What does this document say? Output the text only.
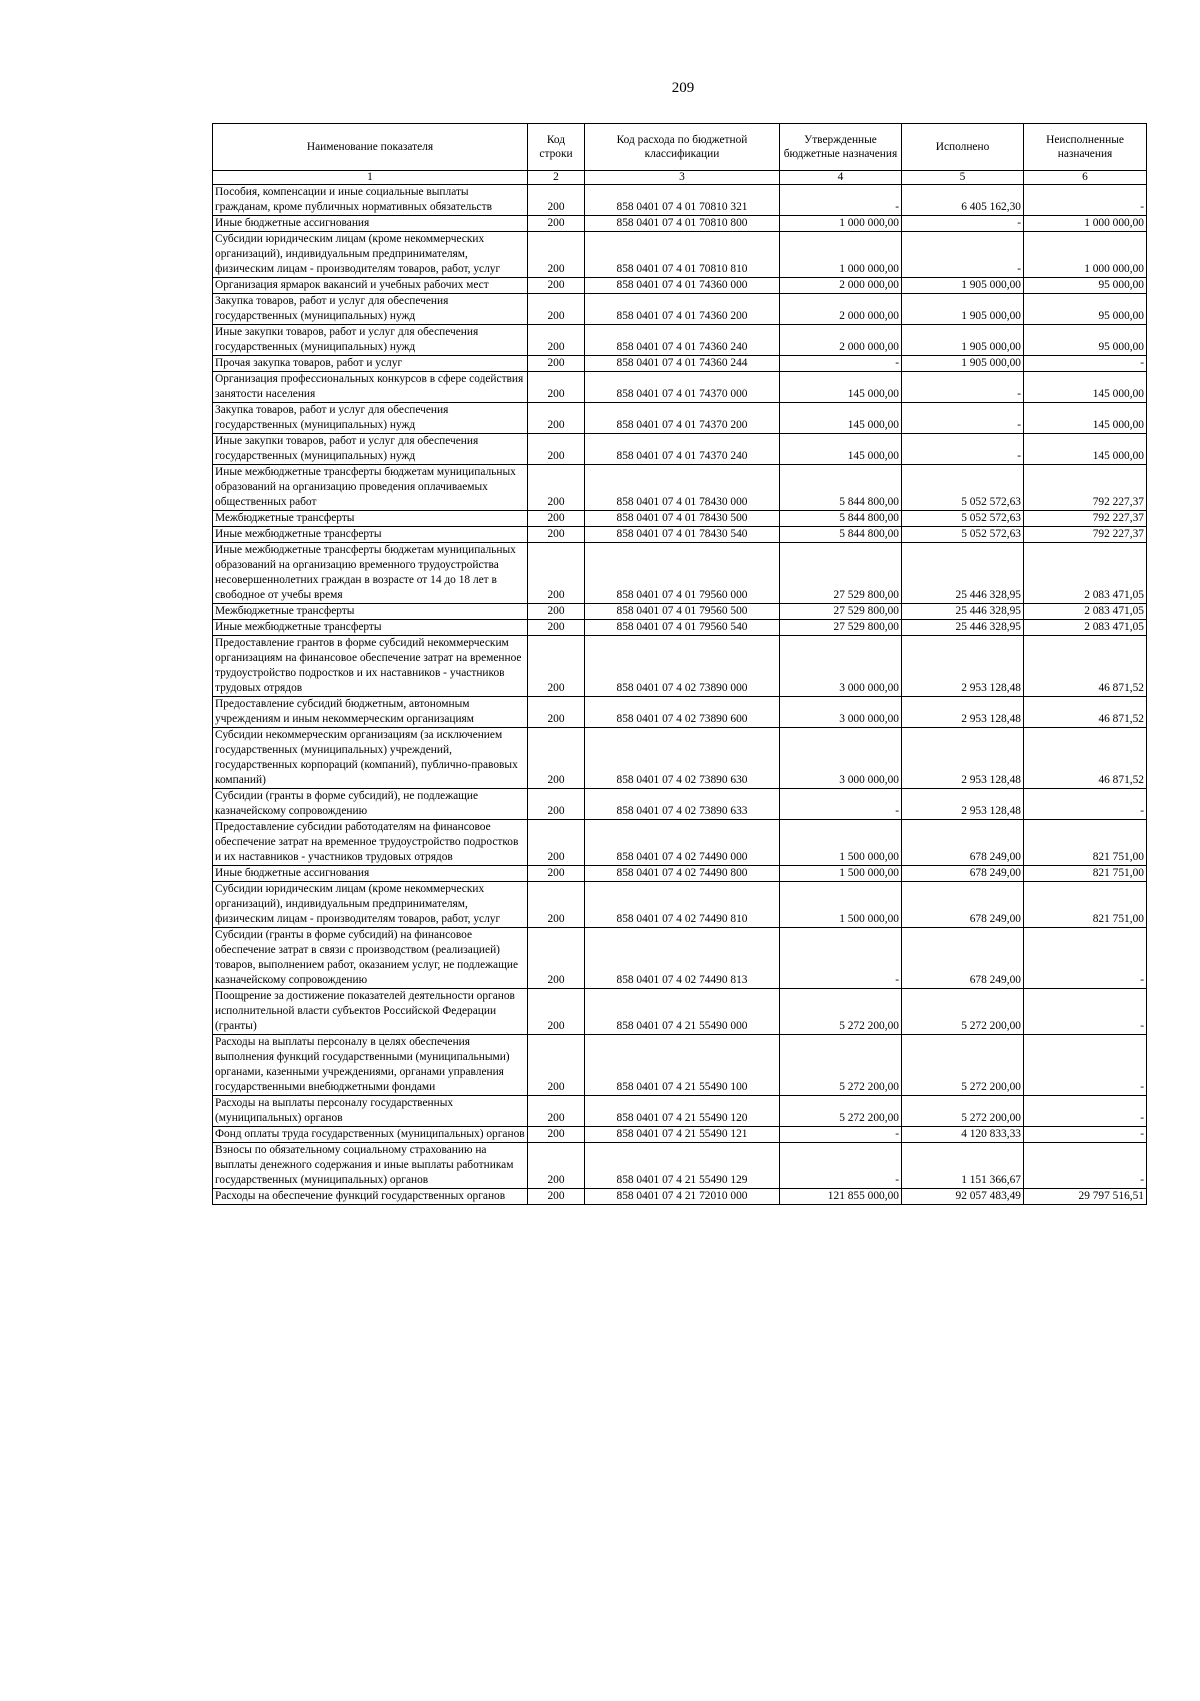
209
Наименование показателя	Код строки	Код расхода по бюджетной классификации	Утвержденные бюджетные назначения	Исполнено	Неисполненные назначения
1	2	3	4	5	6
Пособия, компенсации и иные социальные выплаты гражданам, кроме публичных нормативных обязательств	200	858 0401 07 4 01 70810 321	-	6 405 162,30	-
Иные бюджетные ассигнования	200	858 0401 07 4 01 70810 800	1 000 000,00	-	1 000 000,00
Субсидии юридическим лицам (кроме некоммерческих организаций), индивидуальным предпринимателям, физическим лицам - производителям товаров, работ, услуг	200	858 0401 07 4 01 70810 810	1 000 000,00	-	1 000 000,00
Организация ярмарок вакансий и учебных рабочих мест	200	858 0401 07 4 01 74360 000	2 000 000,00	1 905 000,00	95 000,00
Закупка товаров, работ и услуг для обеспечения государственных (муниципальных) нужд	200	858 0401 07 4 01 74360 200	2 000 000,00	1 905 000,00	95 000,00
Иные закупки товаров, работ и услуг для обеспечения государственных (муниципальных) нужд	200	858 0401 07 4 01 74360 240	2 000 000,00	1 905 000,00	95 000,00
Прочая закупка товаров, работ и услуг	200	858 0401 07 4 01 74360 244	-	1 905 000,00	-
Организация профессиональных конкурсов в сфере содействия занятости населения	200	858 0401 07 4 01 74370 000	145 000,00	-	145 000,00
Закупка товаров, работ и услуг для обеспечения государственных (муниципальных) нужд	200	858 0401 07 4 01 74370 200	145 000,00	-	145 000,00
Иные закупки товаров, работ и услуг для обеспечения государственных (муниципальных) нужд	200	858 0401 07 4 01 74370 240	145 000,00	-	145 000,00
Иные межбюджетные трансферты бюджетам муниципальных образований на организацию проведения оплачиваемых общественных работ	200	858 0401 07 4 01 78430 000	5 844 800,00	5 052 572,63	792 227,37
Межбюджетные трансферты	200	858 0401 07 4 01 78430 500	5 844 800,00	5 052 572,63	792 227,37
Иные межбюджетные трансферты	200	858 0401 07 4 01 78430 540	5 844 800,00	5 052 572,63	792 227,37
Иные межбюджетные трансферты бюджетам муниципальных образований на организацию временного трудоустройства несовершеннолетних граждан в возрасте от 14 до 18 лет в свободное от учебы время	200	858 0401 07 4 01 79560 000	27 529 800,00	25 446 328,95	2 083 471,05
Межбюджетные трансферты	200	858 0401 07 4 01 79560 500	27 529 800,00	25 446 328,95	2 083 471,05
Иные межбюджетные трансферты	200	858 0401 07 4 01 79560 540	27 529 800,00	25 446 328,95	2 083 471,05
Предоставление грантов в форме субсидий некоммерческим организациям на финансовое обеспечение затрат на временное трудоустройство подростков и их наставников - участников трудовых отрядов	200	858 0401 07 4 02 73890 000	3 000 000,00	2 953 128,48	46 871,52
Предоставление субсидий бюджетным, автономным учреждениям и иным некоммерческим организациям	200	858 0401 07 4 02 73890 600	3 000 000,00	2 953 128,48	46 871,52
Субсидии некоммерческим организациям (за исключением государственных (муниципальных) учреждений, государственных корпораций (компаний), публично-правовых компаний)	200	858 0401 07 4 02 73890 630	3 000 000,00	2 953 128,48	46 871,52
Субсидии (гранты в форме субсидий), не подлежащие казначейскому сопровождению	200	858 0401 07 4 02 73890 633	-	2 953 128,48	-
Предоставление субсидии работодателям на финансовое обеспечение затрат на временное трудоустройство подростков и их наставников - участников трудовых отрядов	200	858 0401 07 4 02 74490 000	1 500 000,00	678 249,00	821 751,00
Иные бюджетные ассигнования	200	858 0401 07 4 02 74490 800	1 500 000,00	678 249,00	821 751,00
Субсидии юридическим лицам (кроме некоммерческих организаций), индивидуальным предпринимателям, физическим лицам - производителям товаров, работ, услуг	200	858 0401 07 4 02 74490 810	1 500 000,00	678 249,00	821 751,00
Субсидии (гранты в форме субсидий) на финансовое обеспечение затрат в связи с производством (реализацией) товаров, выполнением работ, оказанием услуг, не подлежащие казначейскому сопровождению	200	858 0401 07 4 02 74490 813	-	678 249,00	-
Поощрение за достижение показателей деятельности органов исполнительной власти субъектов Российской Федерации (гранты)	200	858 0401 07 4 21 55490 000	5 272 200,00	5 272 200,00	-
Расходы на выплаты персоналу в целях обеспечения выполнения функций государственными (муниципальными) органами, казенными учреждениями, органами управления государственными внебюджетными фондами	200	858 0401 07 4 21 55490 100	5 272 200,00	5 272 200,00	-
Расходы на выплаты персоналу государственных (муниципальных) органов	200	858 0401 07 4 21 55490 120	5 272 200,00	5 272 200,00	-
Фонд оплаты труда государственных (муниципальных) органов	200	858 0401 07 4 21 55490 121	-	4 120 833,33	-
Взносы по обязательному социальному страхованию на выплаты денежного содержания и иные выплаты работникам государственных (муниципальных) органов	200	858 0401 07 4 21 55490 129	-	1 151 366,67	-
Расходы на обеспечение функций государственных органов	200	858 0401 07 4 21 72010 000	121 855 000,00	92 057 483,49	29 797 516,51
